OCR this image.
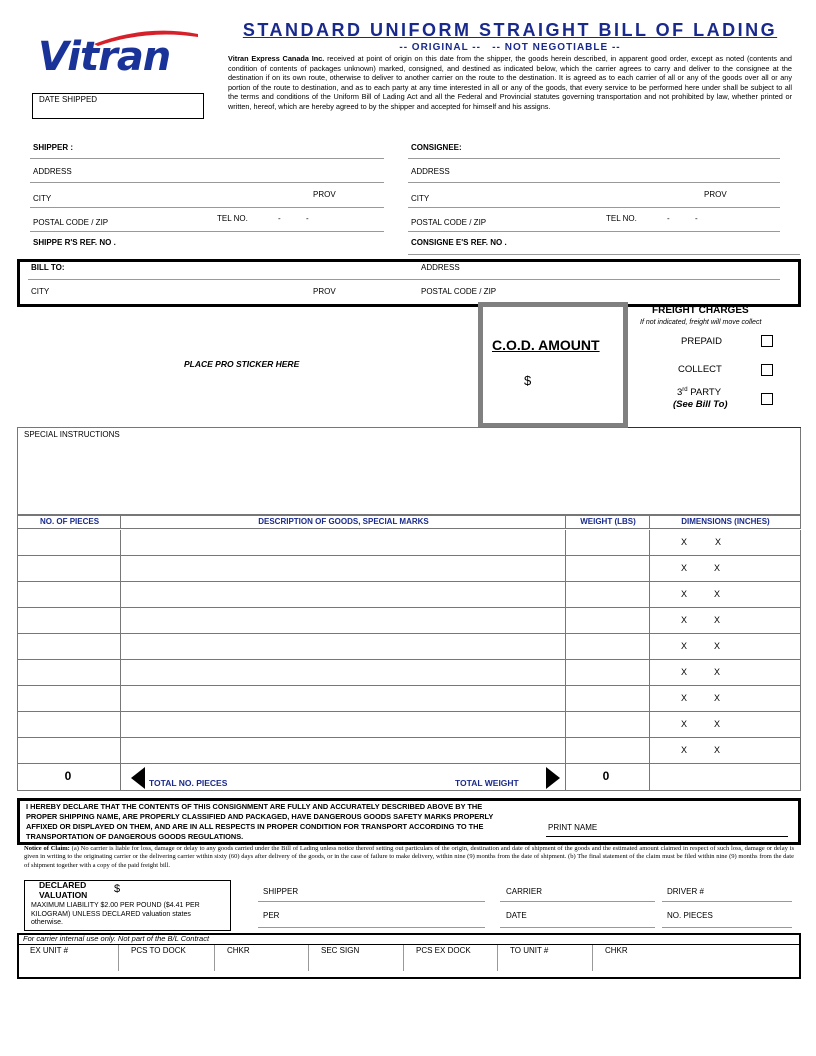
Vitran
STANDARD UNIFORM STRAIGHT BILL OF LADING
-- ORIGINAL -- -- NOT NEGOTIABLE --
Vitran Express Canada Inc. received at point of origin on this date from the shipper, the goods herein described, in apparent good order, except as noted (contents and condition of contents of packages unknown) marked, consigned, and destined as indicated below, which the carrier agrees to carry and deliver to the consignee at the destination if on its own route, otherwise to deliver to another carrier on the route to the destination. It is agreed as to each carrier of all or any of the goods over all or any portion of the route to destination, and as to each party at any time interested in all or any of the goods, that every service to be performed here under shall be subject to all the terms and conditions of the Uniform Bill of Lading Act and all the Federal and Provincial statutes governing transportation and not prohibited by law, whether printed or written, hereof, which are hereby agreed to by the shipper and accepted for himself and his assigns.
DATE SHIPPED
SHIPPER :
ADDRESS
CITY	PROV
POSTAL CODE / ZIP	TEL NO.	-	-
SHIPPE R'S REF. NO .
CONSIGNEE:
ADDRESS
CITY	PROV
POSTAL CODE / ZIP	TEL NO.	-	-
CONSIGNE E'S REF. NO .
BILL TO:	ADDRESS
CITY	PROV	POSTAL CODE / ZIP
PLACE PRO STICKER HERE
C.O.D. AMOUNT
$
FREIGHT CHARGES
If not indicated, freight will move collect
PREPAID
COLLECT
3rd PARTY
(See Bill To)
SPECIAL INSTRUCTIONS
NO. OF PIECES	DESCRIPTION OF GOODS, SPECIAL MARKS	WEIGHT (LBS)	DIMENSIONS (INCHES)
X	X
X	X
X	X
X	X
X	X
X	X
X	X
X	X
X	X
0	TOTAL NO. PIECES	TOTAL WEIGHT	0
I HEREBY DECLARE THAT THE CONTENTS OF THIS CONSIGNMENT ARE FULLY AND ACCURATELY DESCRIBED ABOVE BY THE PROPER SHIPPING NAME, ARE PROPERLY CLASSIFIED AND PACKAGED, HAVE DANGEROUS GOODS SAFETY MARKS PROPERLY AFFIXED OR DISPLAYED ON THEM, AND ARE IN ALL RESPECTS IN PROPER CONDITION FOR TRANSPORT ACCORDING TO THE TRANSPORTATION OF DANGEROUS GOODS REGULATIONS.
PRINT NAME
Notice of Claim: (a) No carrier is liable for loss, damage or delay to any goods carried under the Bill of Lading unless notice thereof setting out particulars of the origin, destination and date of shipment of the goods and the estimated amount claimed in respect of such loss, damage or delay is given in writing to the originating carrier or the delivering carrier within sixty (60) days after delivery of the goods, or in the case of failure to make delivery, within nine (9) months from the date of shipment. (b) The final statement of the claim must be filed within nine (9) months from the date of shipment together with a copy of the paid freight bill.
DECLARED
VALUATION $
MAXIMUM LIABILITY $2.00 PER POUND ($4.41 PER KILOGRAM) UNLESS DECLARED valuation states otherwise.
SHIPPER
PER
CARRIER
DATE
DRIVER #
NO. PIECES
For carrier internal use only. Not part of the B/L Contract
EX UNIT #	PCS TO DOCK	CHKR	SEC SIGN	PCS EX DOCK	TO UNIT #	CHKR
